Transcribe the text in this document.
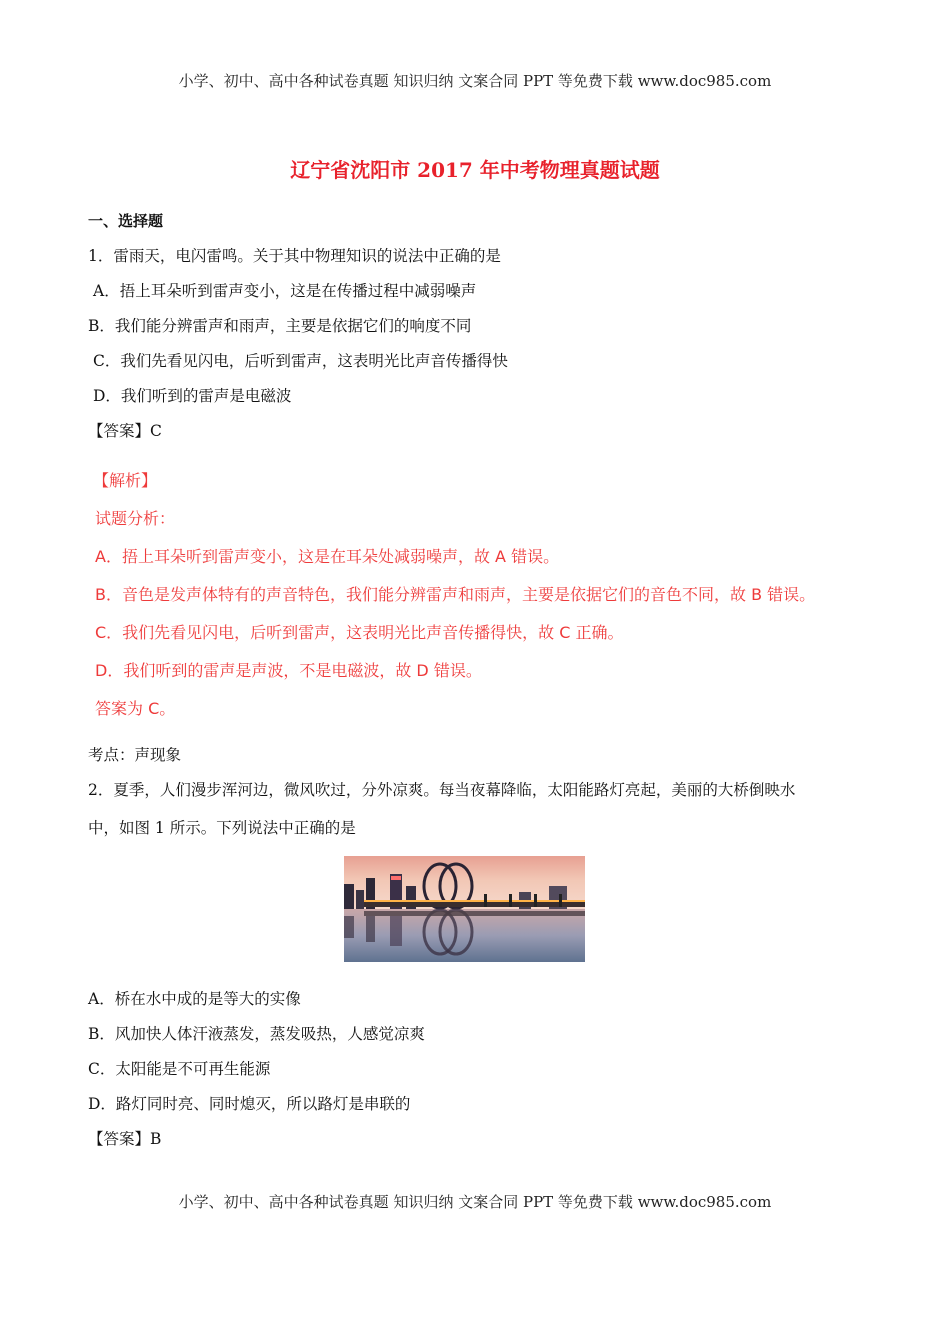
小学、初中、高中各种试卷真题 知识归纳 文案合同 PPT 等免费下载 www.doc985.com
辽宁省沈阳市 2017 年中考物理真题试题
一、选择题
1．雷雨天，电闪雷鸣。关于其中物理知识的说法中正确的是
A．捂上耳朵听到雷声变小，这是在传播过程中减弱噪声
B．我们能分辨雷声和雨声，主要是依据它们的响度不同
C．我们先看见闪电，后听到雷声，这表明光比声音传播得快
D．我们听到的雷声是电磁波
【答案】C
【解析】
试题分析：
A．捂上耳朵听到雷声变小，这是在耳朵处减弱噪声，故 A 错误。
B．音色是发声体特有的声音特色，我们能分辨雷声和雨声，主要是依据它们的音色不同，故 B 错误。
C．我们先看见闪电，后听到雷声，这表明光比声音传播得快，故 C 正确。
D．我们听到的雷声是声波，不是电磁波，故 D 错误。
答案为 C。
考点：声现象
2．夏季，人们漫步浑河边，微风吹过，分外凉爽。每当夜幕降临，太阳能路灯亮起，美丽的大桥倒映水
中，如图 1 所示。下列说法中正确的是
A．桥在水中成的是等大的实像
B．风加快人体汗液蒸发，蒸发吸热，人感觉凉爽
C．太阳能是不可再生能源
D．路灯同时亮、同时熄灭，所以路灯是串联的
【答案】B
小学、初中、高中各种试卷真题 知识归纳 文案合同 PPT 等免费下载 www.doc985.com
